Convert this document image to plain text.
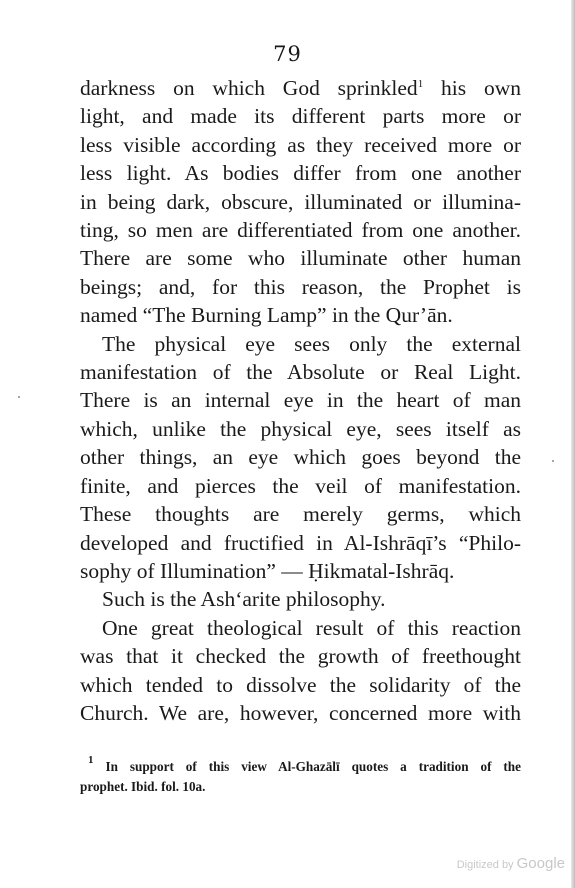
79
darkness on which God sprinkled$^1$ his own
light, and made its different parts more or
less visible according as they received more or
less light. As bodies differ from one another
in being dark, obscure, illuminated or illumina-
ting, so men are differentiated from one another.
There are some who illuminate other human
beings; and, for this reason, the Prophet is
named “The Burning Lamp” in the Qur’ān.
The physical eye sees only the external
manifestation of the Absolute or Real Light.
There is an internal eye in the heart of man
which, unlike the physical eye, sees itself as
other things, an eye which goes beyond the
finite, and pierces the veil of manifestation.
These thoughts are merely germs, which
developed and fructified in Al-Ishrāqī’s “Philo-
sophy of Illumination” — Ḥikmatal-Ishrāq.
Such is the Ash‘arite philosophy.
One great theological result of this reaction
was that it checked the growth of freethought
which tended to dissolve the solidarity of the
Church. We are, however, concerned more with
$^1$ In support of this view Al-Ghazālī quotes a tradition of the
prophet. Ibid. fol. 10a.
Digitized by Google
